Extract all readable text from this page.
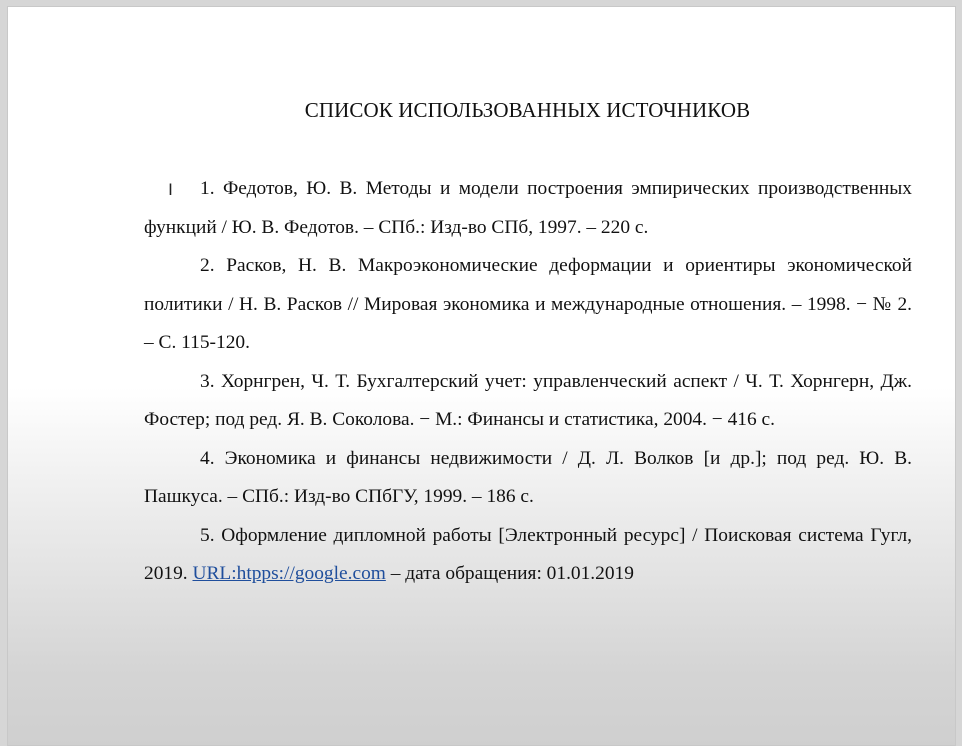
СПИСОК ИСПОЛЬЗОВАННЫХ ИСТОЧНИКОВ

1. Федотов, Ю. В. Методы и модели построения эмпирических производственных функций / Ю. В. Федотов. – СПб.: Изд-во СПб, 1997. – 220 с.

2. Расков, Н. В. Макроэкономические деформации и ориентиры экономической политики / Н. В. Расков // Мировая экономика и международные отношения. – 1998. − № 2. – С. 115-120.

3. Хорнгрен, Ч. Т. Бухгалтерский учет: управленческий аспект / Ч. Т. Хорнгерн, Дж. Фостер; под ред. Я. В. Соколова. − М.: Финансы и статистика, 2004. − 416 с.

4. Экономика и финансы недвижимости / Д. Л. Волков [и др.]; под ред. Ю. В. Пашкуса. – СПб.: Изд-во СПбГУ, 1999. – 186 с.

5. Оформление дипломной работы [Электронный ресурс] / Поисковая система Гугл, 2019. URL:htpps://google.com – дата обращения: 01.01.2019

I
